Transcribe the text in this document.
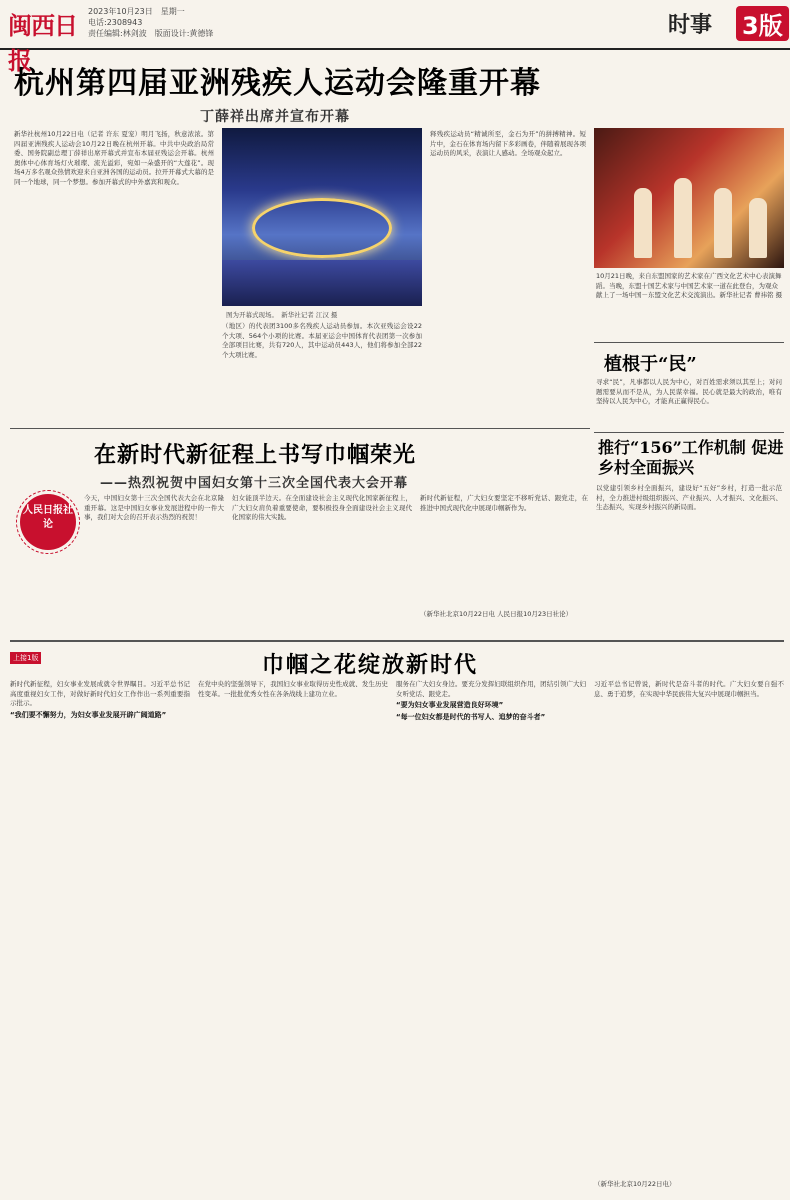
闽西日报
2023年10月23日　星期一
电话:2308943
责任编辑:林剑波　版面设计:黄德锋	时事 3版
杭州第四届亚洲残疾人运动会隆重开幕
丁薛祥出席并宣布开幕
新华社杭州10月22日电（记者 许东 夏宠）明月飞扬，秋意浓浓。第四届亚洲残疾人运动会10月22日晚在杭州开幕。中共中央政治局常委、国务院副总理丁薛祥出席开幕式并宣布本届亚残运会开幕。杭州奥体中心体育场灯火璀璨、流光溢彩，宛如一朵盛开的“大莲花”。现场4万多名观众热情欢迎来自亚洲各国的运动员。拉开开幕式大幕的是同一个地球，同一个梦想。参加开幕式的中外嘉宾和观众。
图为开幕式现场。　新华社记者 江汉 摄
（地区）的代表团3100多名残疾人运动员参加。本次亚残运会设22个大项、564个小项的比赛。本届亚运会中国体育代表团第一次参加全部项目比赛，共有720人，其中运动员443人，他们将参加全部22个大项比赛。
释残疾运动员“精诚所至，金石为开”的拼搏精神。短片中，金石在体育场内留下多彩画卷，伴随着展现各项运动员的风采，表演让人感动。全场观众起立。
10月21日晚，来自东盟国家的艺术家在广西文化艺术中心表演舞蹈。当晚，东盟十国艺术家与中国艺术家一道在此登台，为观众献上了一场中国－东盟文化艺术交流演出。新华社记者 曹祎铭 摄
植根于“民”
寻求“民”，凡事都以人民为中心，对百姓需求须以其至上；对问题需要从而不是从，为人民谋幸福。民心就是最大的政治，唯有坚持以人民为中心，才能真正赢得民心。
推行“156”工作机制 促进乡村全面振兴
以党建引领乡村全面振兴，建设好“五好”乡村，打造一批示范村，全力推进村级组织振兴、产业振兴、人才振兴、文化振兴、生态振兴，实现乡村振兴的新局面。
在新时代新征程上书写巾帼荣光
——热烈祝贺中国妇女第十三次全国代表大会开幕
人民日报社论
今天，中国妇女第十三次全国代表大会在北京隆重开幕。这是中国妇女事业发展进程中的一件大事，我们对大会的召开表示热烈的祝贺！
妇女能顶半边天。在全面建设社会主义现代化国家新征程上，广大妇女肩负着重要使命，要积极投身全面建设社会主义现代化国家的伟大实践。
新时代新征程，广大妇女要坚定不移听党话、跟党走，在推进中国式现代化中展现巾帼新作为。
（新华社北京10月22日电 人民日报10月23日社论）
上接1版	巾帼之花绽放新时代
新时代新征程，妇女事业发展成就令世界瞩目。习近平总书记高度重视妇女工作，对做好新时代妇女工作作出一系列重要指示批示。
“我们要不懈努力，为妇女事业发展开辟广阔道路”
在党中央的坚强领导下，我国妇女事业取得历史性成就、发生历史性变革。一批批优秀女性在各条战线上建功立业。
服务在广大妇女身边。要充分发挥妇联组织作用，团结引领广大妇女听党话、跟党走。
“要为妇女事业发展营造良好环境”
“每一位妇女都是时代的书写人、追梦的奋斗者”
习近平总书记曾说，新时代是奋斗者的时代。广大妇女要自强不息、勇于追梦，在实现中华民族伟大复兴中展现巾帼担当。
（新华社北京10月22日电）
